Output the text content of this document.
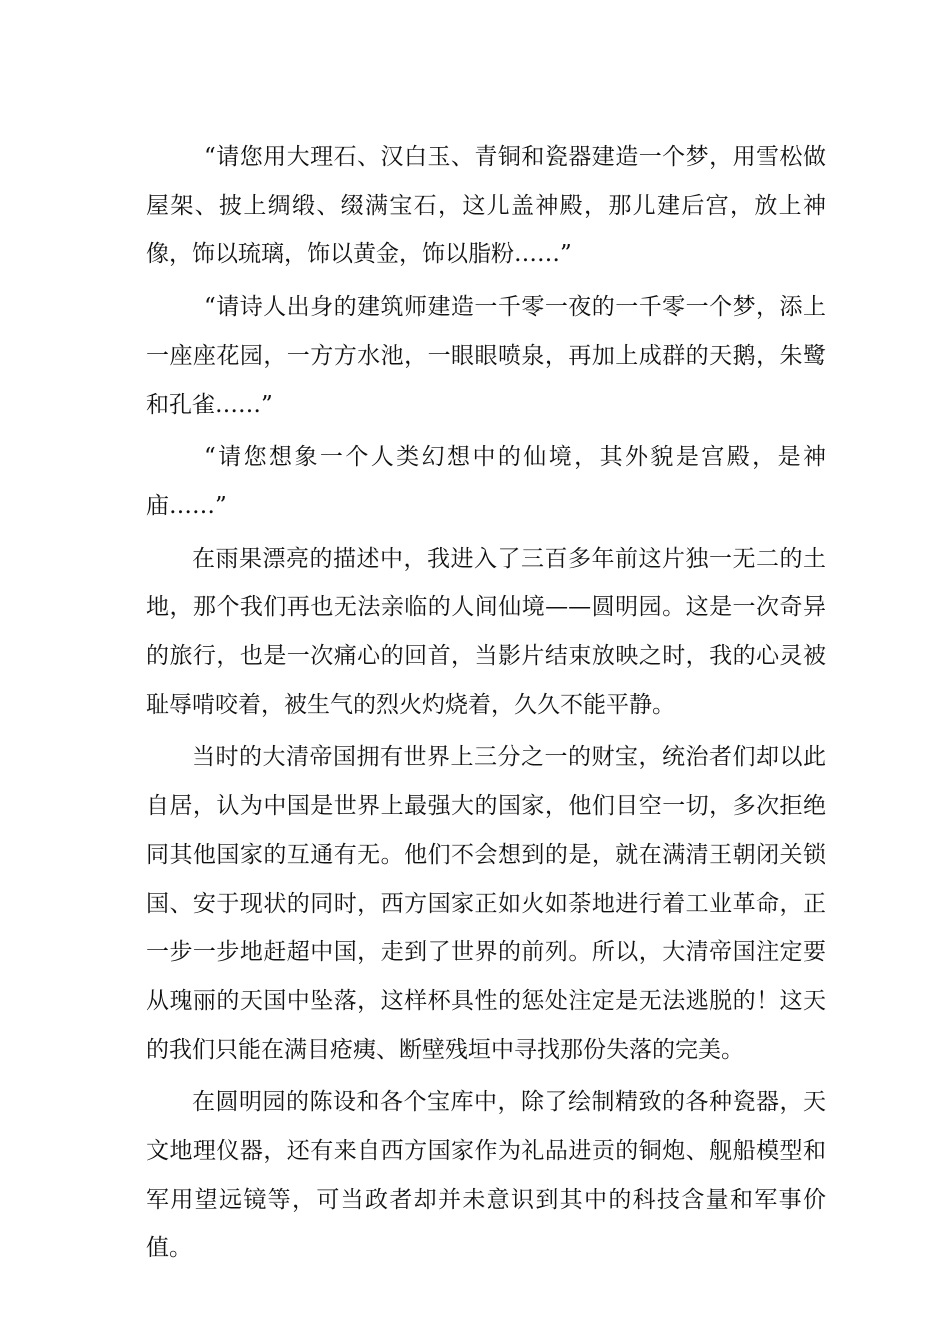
“请您用大理石、汉白玉、青铜和瓷器建造一个梦，用雪松做屋架、披上绸缎、缀满宝石，这儿盖神殿，那儿建后宫，放上神像，饰以琉璃，饰以黄金，饰以脂粉……”

“请诗人出身的建筑师建造一千零一夜的一千零一个梦，添上一座座花园，一方方水池，一眼眼喷泉，再加上成群的天鹅，朱鹭和孔雀……”

“请您想象一个人类幻想中的仙境，其外貌是宫殿，是神庙……”

在雨果漂亮的描述中，我进入了三百多年前这片独一无二的土地，那个我们再也无法亲临的人间仙境——圆明园。这是一次奇异的旅行，也是一次痛心的回首，当影片结束放映之时，我的心灵被耻辱啃咬着，被生气的烈火灼烧着，久久不能平静。

当时的大清帝国拥有世界上三分之一的财宝，统治者们却以此自居，认为中国是世界上最强大的国家，他们目空一切，多次拒绝同其他国家的互通有无。他们不会想到的是，就在满清王朝闭关锁国、安于现状的同时，西方国家正如火如荼地进行着工业革命，正一步一步地赶超中国，走到了世界的前列。所以，大清帝国注定要从瑰丽的天国中坠落，这样杯具性的惩处注定是无法逃脱的！这天的我们只能在满目疮痍、断壁残垣中寻找那份失落的完美。

在圆明园的陈设和各个宝库中，除了绘制精致的各种瓷器，天文地理仪器，还有来自西方国家作为礼品进贡的铜炮、舰船模型和军用望远镜等，可当政者却并未意识到其中的科技含量和军事价值。
